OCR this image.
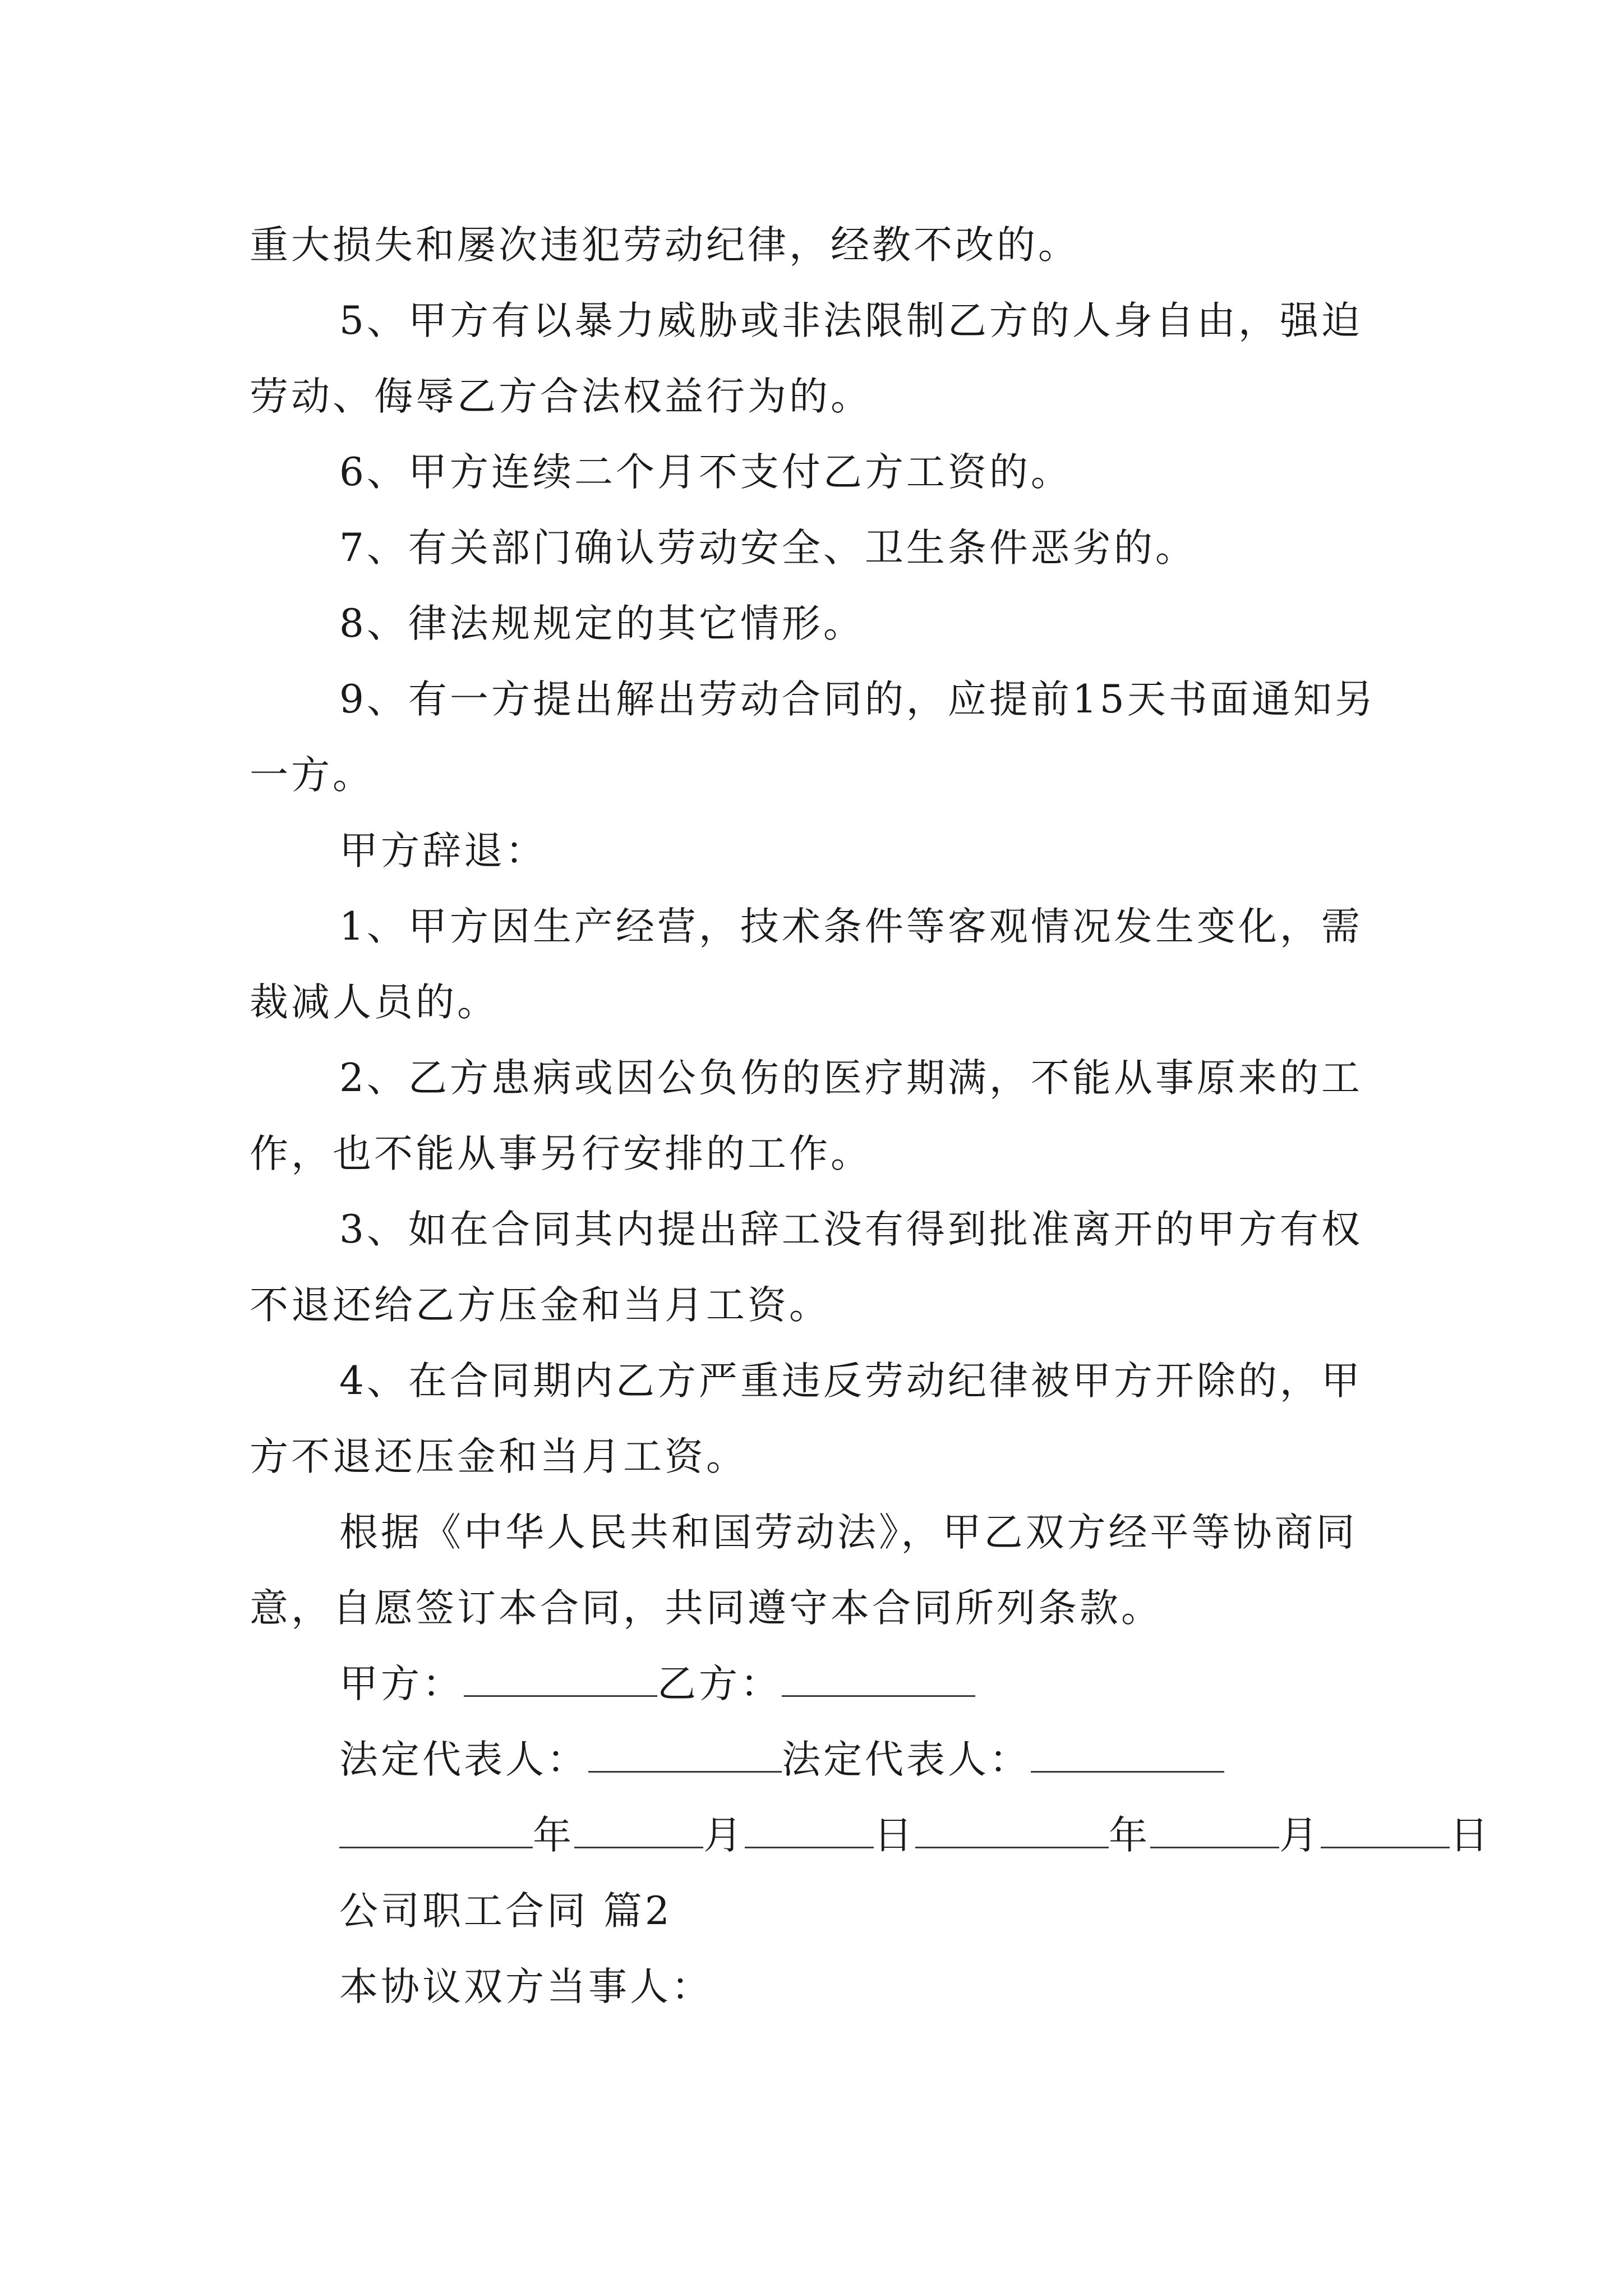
重大损失和屡次违犯劳动纪律，经教不改的。

5、甲方有以暴力威胁或非法限制乙方的人身自由，强迫劳动、侮辱乙方合法权益行为的。

6、甲方连续二个月不支付乙方工资的。

7、有关部门确认劳动安全、卫生条件恶劣的。

8、律法规规定的其它情形。

9、有一方提出解出劳动合同的，应提前15天书面通知另一方。

甲方辞退：

1、甲方因生产经营，技术条件等客观情况发生变化，需裁减人员的。

2、乙方患病或因公负伤的医疗期满，不能从事原来的工作，也不能从事另行安排的工作。

3、如在合同其内提出辞工没有得到批准离开的甲方有权不退还给乙方压金和当月工资。

4、在合同期内乙方严重违反劳动纪律被甲方开除的，甲方不退还压金和当月工资。

根据《中华人民共和国劳动法》，甲乙双方经平等协商同意，自愿签订本合同，共同遵守本合同所列条款。

甲方：	乙方：
法定代表人：	法定代表人：
年	月	日	年	月	日

公司职工合同 篇2

本协议双方当事人：
